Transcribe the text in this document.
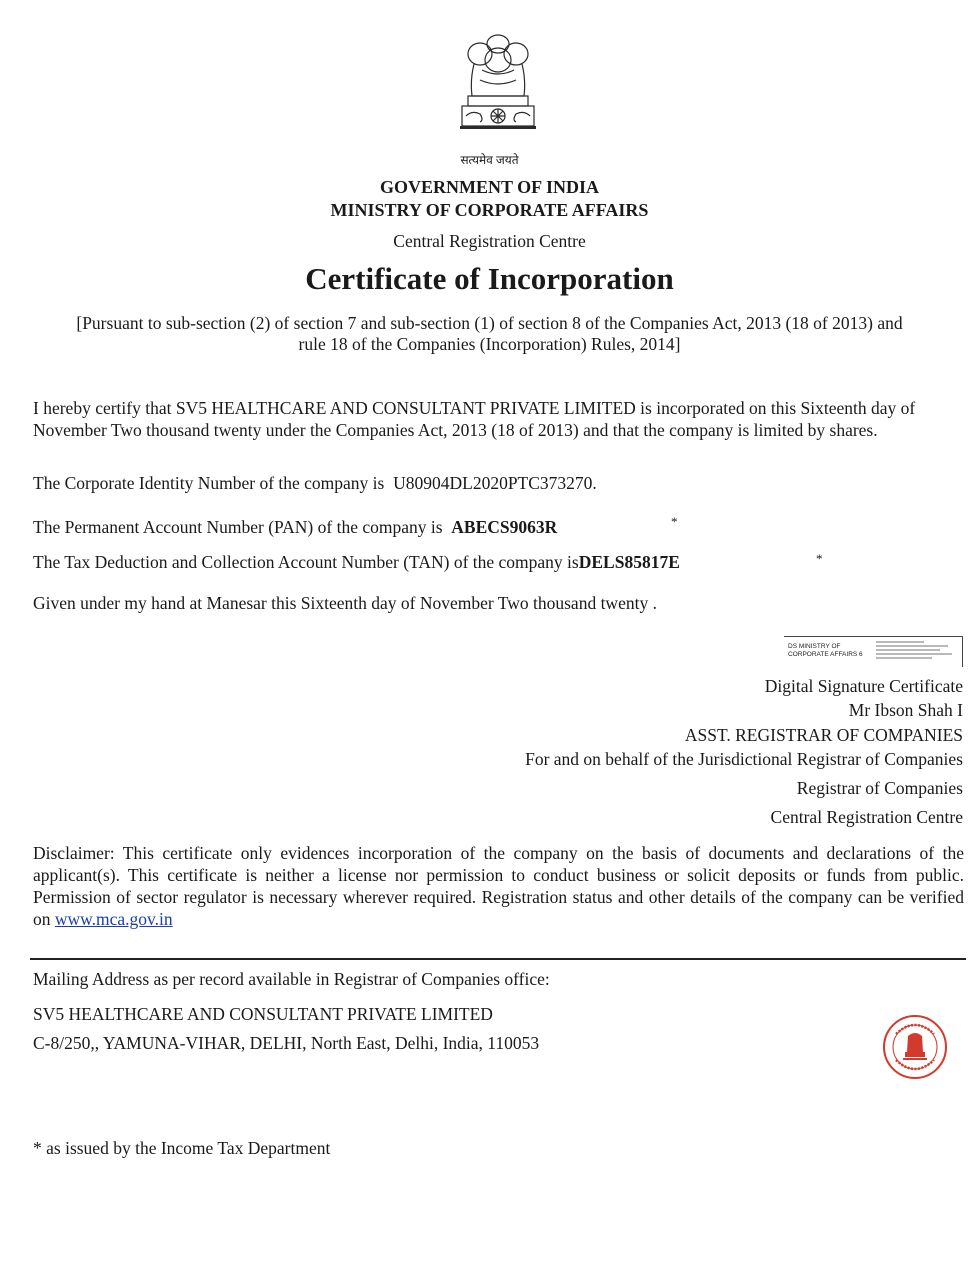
सत्यमेव जयते
GOVERNMENT OF INDIA
MINISTRY OF CORPORATE AFFAIRS
Central Registration Centre
Certificate of Incorporation
[Pursuant to sub-section (2) of section 7 and sub-section (1) of section 8 of the Companies Act, 2013 (18 of 2013) and
rule 18 of the Companies (Incorporation) Rules, 2014]
I hereby certify that SV5 HEALTHCARE AND CONSULTANT PRIVATE LIMITED is incorporated on this Sixteenth day of November Two thousand twenty under the Companies Act, 2013 (18 of 2013) and that the company is limited by shares.
The Corporate Identity Number of the company is U80904DL2020PTC373270.
The Permanent Account Number (PAN) of the company is ABECS9063R	*
The Tax Deduction and Collection Account Number (TAN) of the company isDELS85817E	*
Given under my hand at Manesar this Sixteenth day of November Two thousand twenty .
DS MINISTRY OF CORPORATE AFFAIRS 6
Digital Signature Certificate
Mr Ibson Shah I
ASST. REGISTRAR OF COMPANIES
For and on behalf of the Jurisdictional Registrar of Companies
Registrar of Companies
Central Registration Centre
Disclaimer: This certificate only evidences incorporation of the company on the basis of documents and declarations of the applicant(s). This certificate is neither a license nor permission to conduct business or solicit deposits or funds from public. Permission of sector regulator is necessary wherever required. Registration status and other details of the company can be verified on www.mca.gov.in
Mailing Address as per record available in Registrar of Companies office:
SV5 HEALTHCARE AND CONSULTANT PRIVATE LIMITED
C-8/250,, YAMUNA-VIHAR, DELHI, North East, Delhi, India, 110053
* as issued by the Income Tax Department
